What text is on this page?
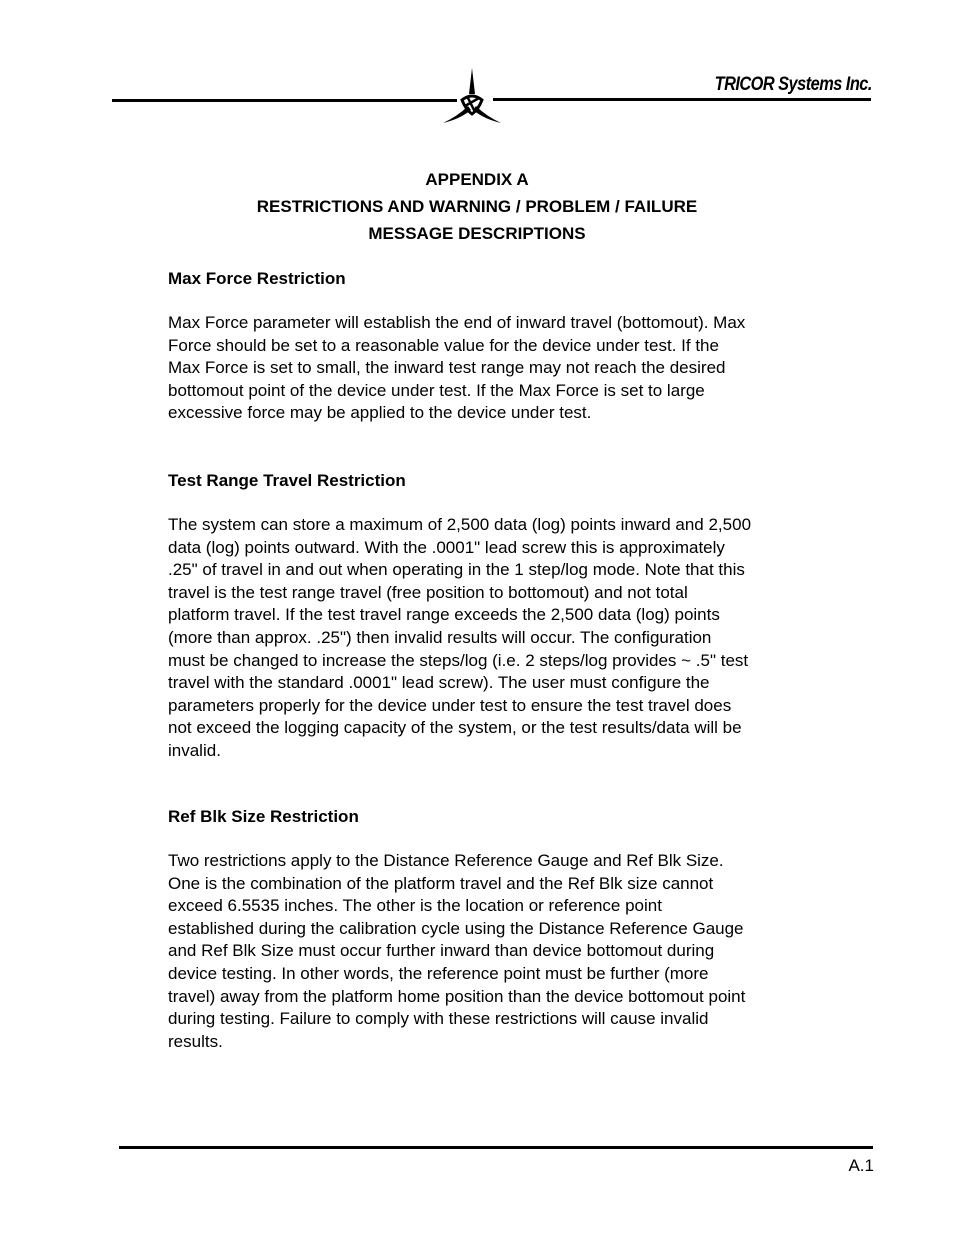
TRICOR Systems Inc.
APPENDIX A
RESTRICTIONS AND WARNING / PROBLEM / FAILURE
MESSAGE DESCRIPTIONS
Max Force Restriction

Max Force parameter will establish the end of inward travel (bottomout). Max
Force should be set to a reasonable value for the device under test. If the
Max Force is set to small, the inward test range may not reach the desired
bottomout point of the device under test. If the Max Force is set to large
excessive force may be applied to the device under test.

Test Range Travel Restriction

The system can store a maximum of 2,500 data (log) points inward and 2,500
data (log) points outward. With the .0001" lead screw this is approximately
.25" of travel in and out when operating in the 1 step/log mode. Note that this
travel is the test range travel (free position to bottomout) and not total
platform travel. If the test travel range exceeds the 2,500 data (log) points
(more than approx. .25") then invalid results will occur. The configuration
must be changed to increase the steps/log (i.e. 2 steps/log provides ~ .5" test
travel with the standard .0001" lead screw). The user must configure the
parameters properly for the device under test to ensure the test travel does
not exceed the logging capacity of the system, or the test results/data will be
invalid.

Ref Blk Size Restriction

Two restrictions apply to the Distance Reference Gauge and Ref Blk Size.
One is the combination of the platform travel and the Ref Blk size cannot
exceed 6.5535 inches. The other is the location or reference point
established during the calibration cycle using the Distance Reference Gauge
and Ref Blk Size must occur further inward than device bottomout during
device testing. In other words, the reference point must be further (more
travel) away from the platform home position than the device bottomout point
during testing. Failure to comply with these restrictions will cause invalid
results.

A.1
